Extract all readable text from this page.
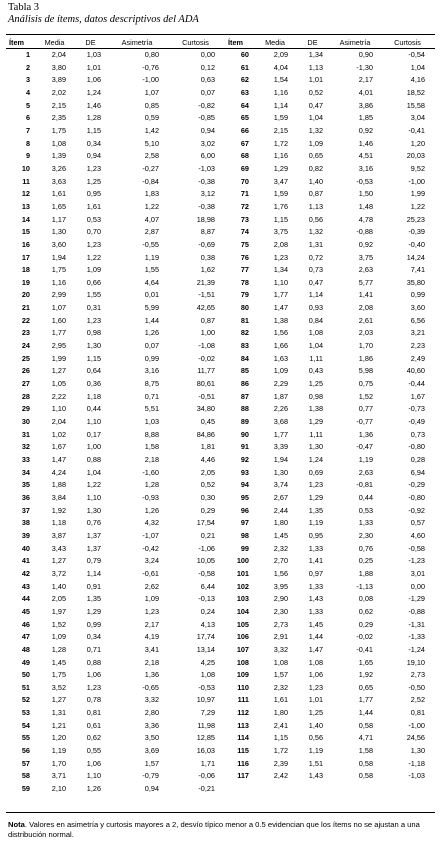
Tabla 3
Análisis de ítems, datos descriptivos del ADA
Ítem	Media	DE	Asimetría	Curtosis	Ítem	Media	DE	Asimetría	Curtosis
1	2,04	1,03	0,80	0,00	60	2,09	1,34	0,90	-0,54
2	3,80	1,01	-0,76	0,12	61	4,04	1,13	-1,30	1,04
3	3,89	1,06	-1,00	0,63	62	1,54	1,01	2,17	4,16
4	2,02	1,24	1,07	0,07	63	1,16	0,52	4,01	18,52
5	2,15	1,46	0,85	-0,82	64	1,14	0,47	3,86	15,58
6	2,35	1,28	0,59	-0,85	65	1,59	1,04	1,85	3,04
7	1,75	1,15	1,42	0,94	66	2,15	1,32	0,92	-0,41
8	1,08	0,34	5,10	3,02	67	1,72	1,09	1,46	1,20
9	1,39	0,94	2,58	6,00	68	1,16	0,65	4,51	20,03
10	3,26	1,23	-0,27	-1,03	69	1,29	0,82	3,16	9,52
11	3,63	1,25	-0,84	-0,38	70	3,47	1,40	-0,53	-1,00
12	1,61	0,95	1,83	3,12	71	1,59	0,87	1,50	1,99
13	1,65	1,61	1,22	-0,38	72	1,76	1,13	1,48	1,22
14	1,17	0,53	4,07	18,98	73	1,15	0,56	4,78	25,23
15	1,30	0,70	2,87	8,87	74	3,75	1,32	-0,88	-0,39
16	3,60	1,23	-0,55	-0,69	75	2,08	1,31	0,92	-0,40
17	1,94	1,22	1,19	0,38	76	1,23	0,72	3,75	14,24
18	1,75	1,09	1,55	1,62	77	1,34	0,73	2,63	7,41
19	1,16	0,66	4,64	21,39	78	1,10	0,47	5,77	35,80
20	2,99	1,55	0,01	-1,51	79	1,77	1,14	1,41	0,99
21	1,07	0,31	5,99	42,65	80	1,47	0,93	2,08	3,60
22	1,60	1,23	1,44	0,87	81	1,38	0,84	2,61	6,56
23	1,77	0,98	1,26	1,00	82	1,56	1,08	2,03	3,21
24	2,95	1,30	0,07	-1,08	83	1,66	1,04	1,70	2,23
25	1,99	1,15	0,99	-0,02	84	1,63	1,11	1,86	2,49
26	1,27	0,64	3,16	11,77	85	1,09	0,43	5,98	40,60
27	1,05	0,36	8,75	80,61	86	2,29	1,25	0,75	-0,44
28	2,22	1,18	0,71	-0,51	87	1,87	0,98	1,52	1,67
29	1,10	0,44	5,51	34,80	88	2,26	1,38	0,77	-0,73
30	2,04	1,10	1,03	0,45	89	3,68	1,29	-0,77	-0,49
31	1,02	0,17	8,88	84,86	90	1,77	1,11	1,36	0,73
32	1,67	1,00	1,58	1,81	91	3,39	1,30	-0,47	-0,80
33	1,47	0,88	2,18	4,46	92	1,94	1,24	1,19	0,28
34	4,24	1,04	-1,60	2,05	93	1,30	0,69	2,63	6,94
35	1,88	1,22	1,28	0,52	94	3,74	1,23	-0,81	-0,29
36	3,84	1,10	-0,93	0,30	95	2,67	1,29	0,44	-0,80
37	1,92	1,30	1,26	0,29	96	2,44	1,35	0,53	-0,92
38	1,18	0,76	4,32	17,54	97	1,80	1,19	1,33	0,57
39	3,87	1,37	-1,07	0,21	98	1,45	0,95	2,30	4,60
40	3,43	1,37	-0,42	-1,06	99	2,32	1,33	0,76	-0,58
41	1,27	0,79	3,24	10,05	100	2,70	1,41	0,25	-1,23
42	3,72	1,14	-0,61	-0,58	101	1,56	0,97	1,88	3,01
43	1,40	0,91	2,62	6,44	102	3,95	1,33	-1,13	0,00
44	2,05	1,35	1,09	-0,13	103	2,90	1,43	0,08	-1,29
45	1,97	1,29	1,23	0,24	104	2,30	1,33	0,62	-0,88
46	1,52	0,99	2,17	4,13	105	2,73	1,45	0,29	-1,31
47	1,09	0,34	4,19	17,74	106	2,91	1,44	-0,02	-1,33
48	1,28	0,71	3,41	13,14	107	3,32	1,47	-0,41	-1,24
49	1,45	0,88	2,18	4,25	108	1,08	1,08	1,65	19,10
50	1,75	1,06	1,36	1,08	109	1,57	1,06	1,92	2,73
51	3,52	1,23	-0,65	-0,53	110	2,32	1,23	0,65	-0,50
52	1,27	0,78	3,32	10,97	111	1,61	1,01	1,77	2,52
53	1,31	0,81	2,80	7,29	112	1,80	1,25	1,44	0,81
54	1,21	0,61	3,36	11,98	113	2,41	1,40	0,58	-1,00
55	1,20	0,62	3,50	12,85	114	1,15	0,56	4,71	24,56
56	1,19	0,55	3,69	16,03	115	1,72	1,19	1,58	1,30
57	1,70	1,06	1,57	1,71	116	2,39	1,51	0,58	-1,18
58	3,71	1,10	-0,79	-0,06	117	2,42	1,43	0,58	-1,03
59	2,10	1,26	0,94	-0,21					
Nota. Valores en asimetría y curtosis mayores a 2, desvío típico menor a 0.5 evidencian que los ítems no se ajustan a una distribución normal.
